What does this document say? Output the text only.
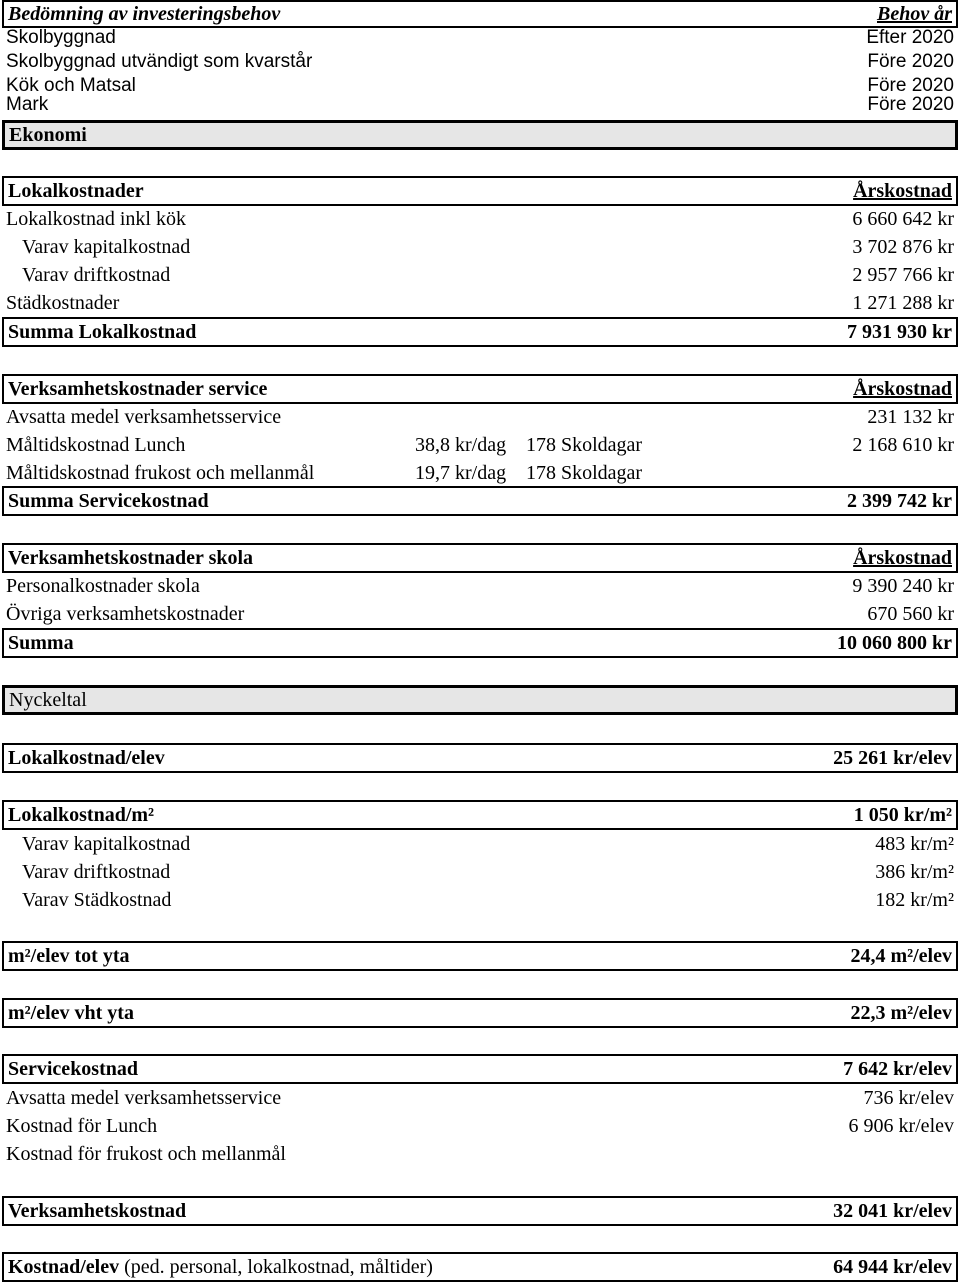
Bedömning av investeringsbehov	Behov år
Skolbyggnad	Efter 2020
Skolbyggnad utvändigt som kvarstår	Före 2020
Kök och Matsal	Före 2020
Mark	Före 2020
Ekonomi
Lokalkostnader	Årskostnad
Lokalkostnad inkl kök	6 660 642 kr
Varav kapitalkostnad	3 702 876 kr
Varav driftkostnad	2 957 766 kr
Städkostnader	1 271 288 kr
Summa Lokalkostnad	7 931 930 kr
Verksamhetskostnader service	Årskostnad
Avsatta medel verksamhetsservice	231 132 kr
Måltidskostnad Lunch	38,8 kr/dag 178 Skoldagar	2 168 610 kr
Måltidskostnad frukost och mellanmål	19,7 kr/dag 178 Skoldagar
Summa Servicekostnad	2 399 742 kr
Verksamhetskostnader skola	Årskostnad
Personalkostnader skola	9 390 240 kr
Övriga verksamhetskostnader	670 560 kr
Summa	10 060 800 kr
Nyckeltal
Lokalkostnad/elev	25 261 kr/elev
Lokalkostnad/m²	1 050 kr/m²
Varav kapitalkostnad	483 kr/m²
Varav driftkostnad	386 kr/m²
Varav Städkostnad	182 kr/m²
m²/elev tot yta	24,4 m²/elev
m²/elev vht yta	22,3 m²/elev
Servicekostnad	7 642 kr/elev
Avsatta medel verksamhetsservice	736 kr/elev
Kostnad för Lunch	6 906 kr/elev
Kostnad för frukost och mellanmål
Verksamhetskostnad	32 041 kr/elev
Kostnad/elev (ped. personal, lokalkostnad, måltider)	64 944 kr/elev
